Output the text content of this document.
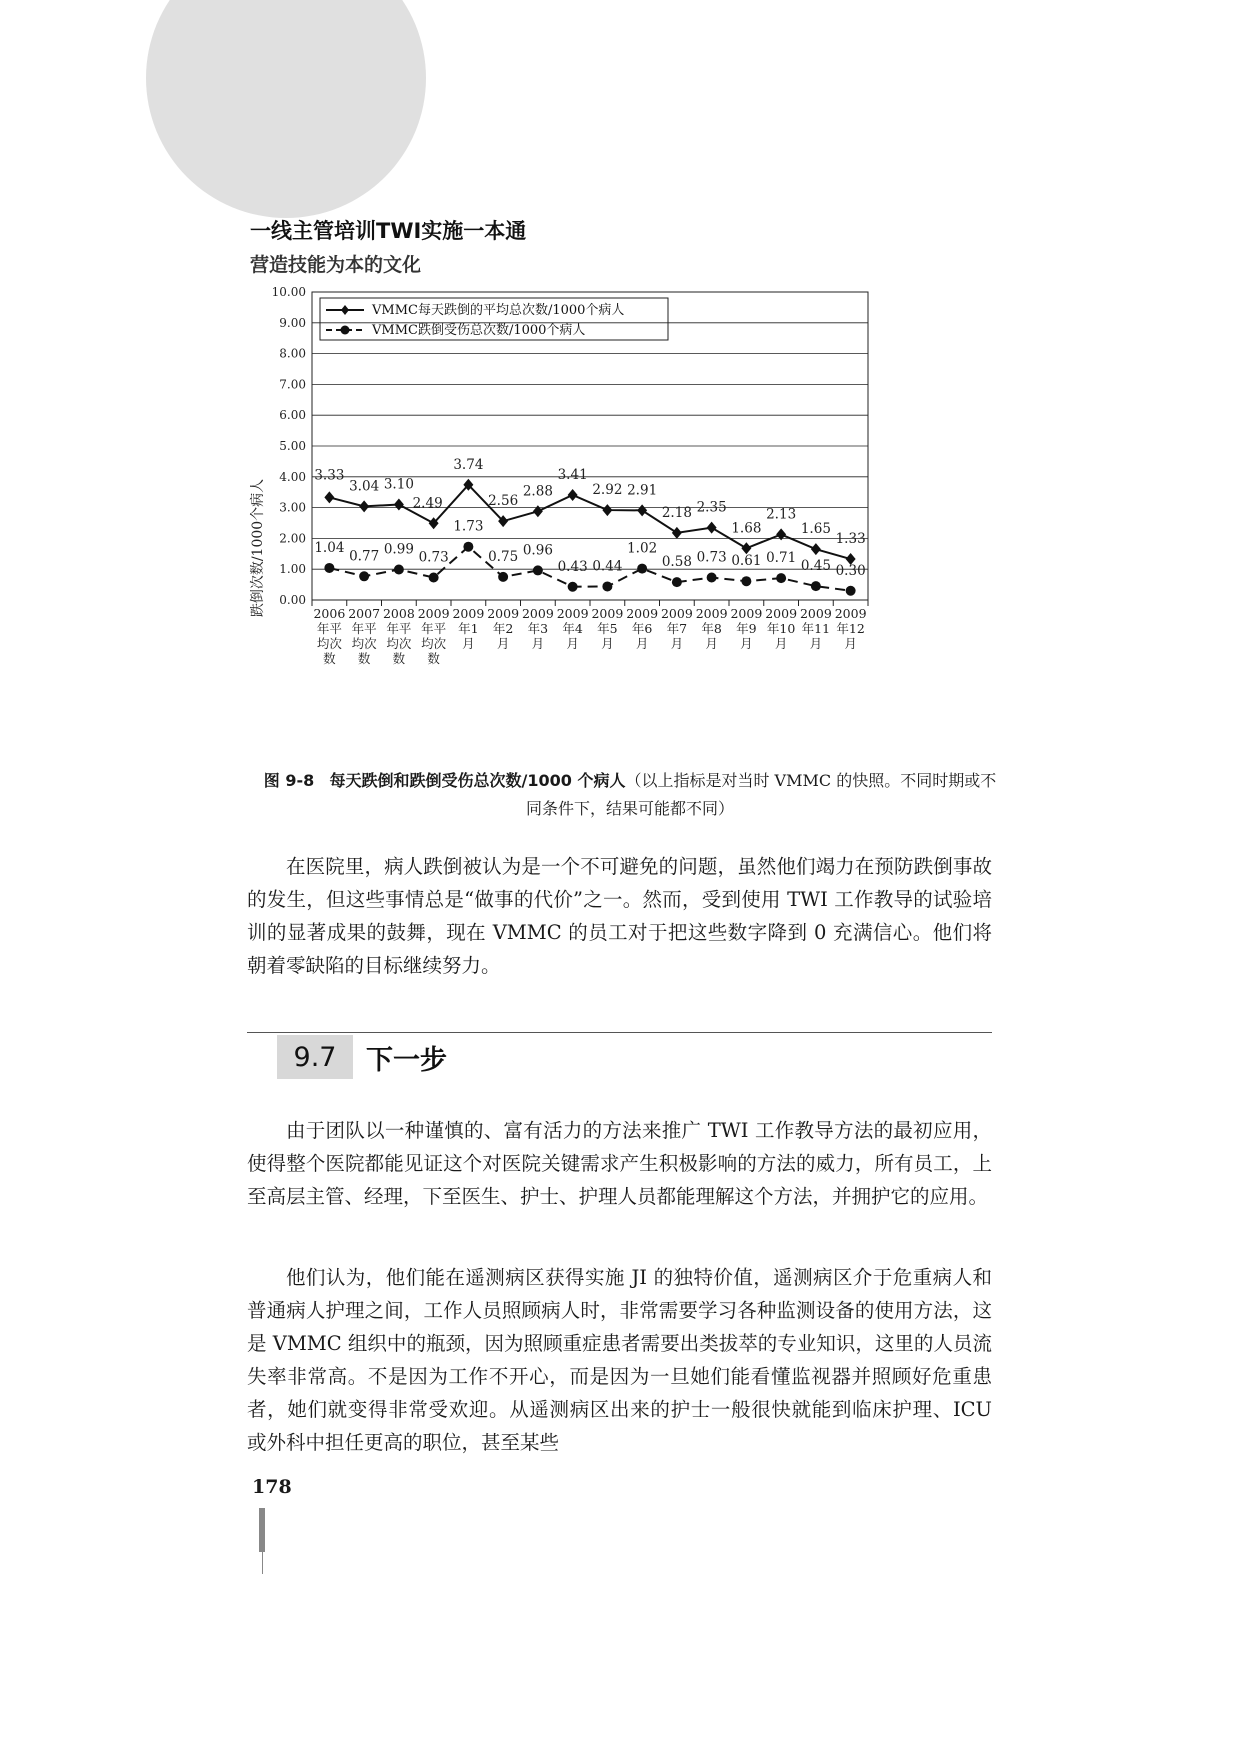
一线主管培训TWI实施一本通
营造技能为本的文化
0.00
1.00
2.00
3.00
4.00
5.00
6.00
7.00
8.00
9.00
10.00
2006 年平均次数
2007 年平均次数
2008 年平均次数
2009 年平均次数
2009 年1 月
2009 年2 月
2009 年3 月
2009 年4 月
2009 年5 月
2009 年6 月
2009 年7 月
2009 年8 月
2009 年9 月
2009 年10 月
2009 年11 月
2009 年12 月
3.33
3.04 3.10
2.49
3.74
2.56
2.88
3.41
2.92 2.91
2.18 2.35
1.68
2.13
1.65
1.33
1.04
0.77 0.99
0.73
1.73
0.75 0.96
0.43 0.44
1.02
0.58 0.73 0.61 0.71
0.45 0.30
VMMC每天跌倒的平均总次数/1000个病人
VMMC跌倒受伤总次数/1000个病人
跌倒次数/1000个病人

图 9-8 每天跌倒和跌倒受伤总次数/1000 个病人（以上指标是对当时 VMMC 的快照。不同时期或不同条件下，结果可能都不同）

在医院里，病人跌倒被认为是一个不可避免的问题，虽然他们竭力在预防跌倒事故的发生，但这些事情总是“做事的代价”之一。然而，受到使用 TWI 工作教导的试验培训的显著成果的鼓舞，现在 VMMC 的员工对于把这些数字降到 0 充满信心。他们将朝着零缺陷的目标继续努力。

9.7	下一步

由于团队以一种谨慎的、富有活力的方法来推广 TWI 工作教导方法的最初应用，使得整个医院都能见证这个对医院关键需求产生积极影响的方法的威力，所有员工，上至高层主管、经理，下至医生、护士、护理人员都能理解这个方法，并拥护它的应用。

他们认为，他们能在遥测病区获得实施 JI 的独特价值，遥测病区介于危重病人和普通病人护理之间，工作人员照顾病人时，非常需要学习各种监测设备的使用方法，这是 VMMC 组织中的瓶颈，因为照顾重症患者需要出类拔萃的专业知识，这里的人员流失率非常高。不是因为工作不开心，而是因为一旦她们能看懂监视器并照顾好危重患者，她们就变得非常受欢迎。从遥测病区出来的护士一般很快就能到临床护理、ICU 或外科中担任更高的职位，甚至某些

178
